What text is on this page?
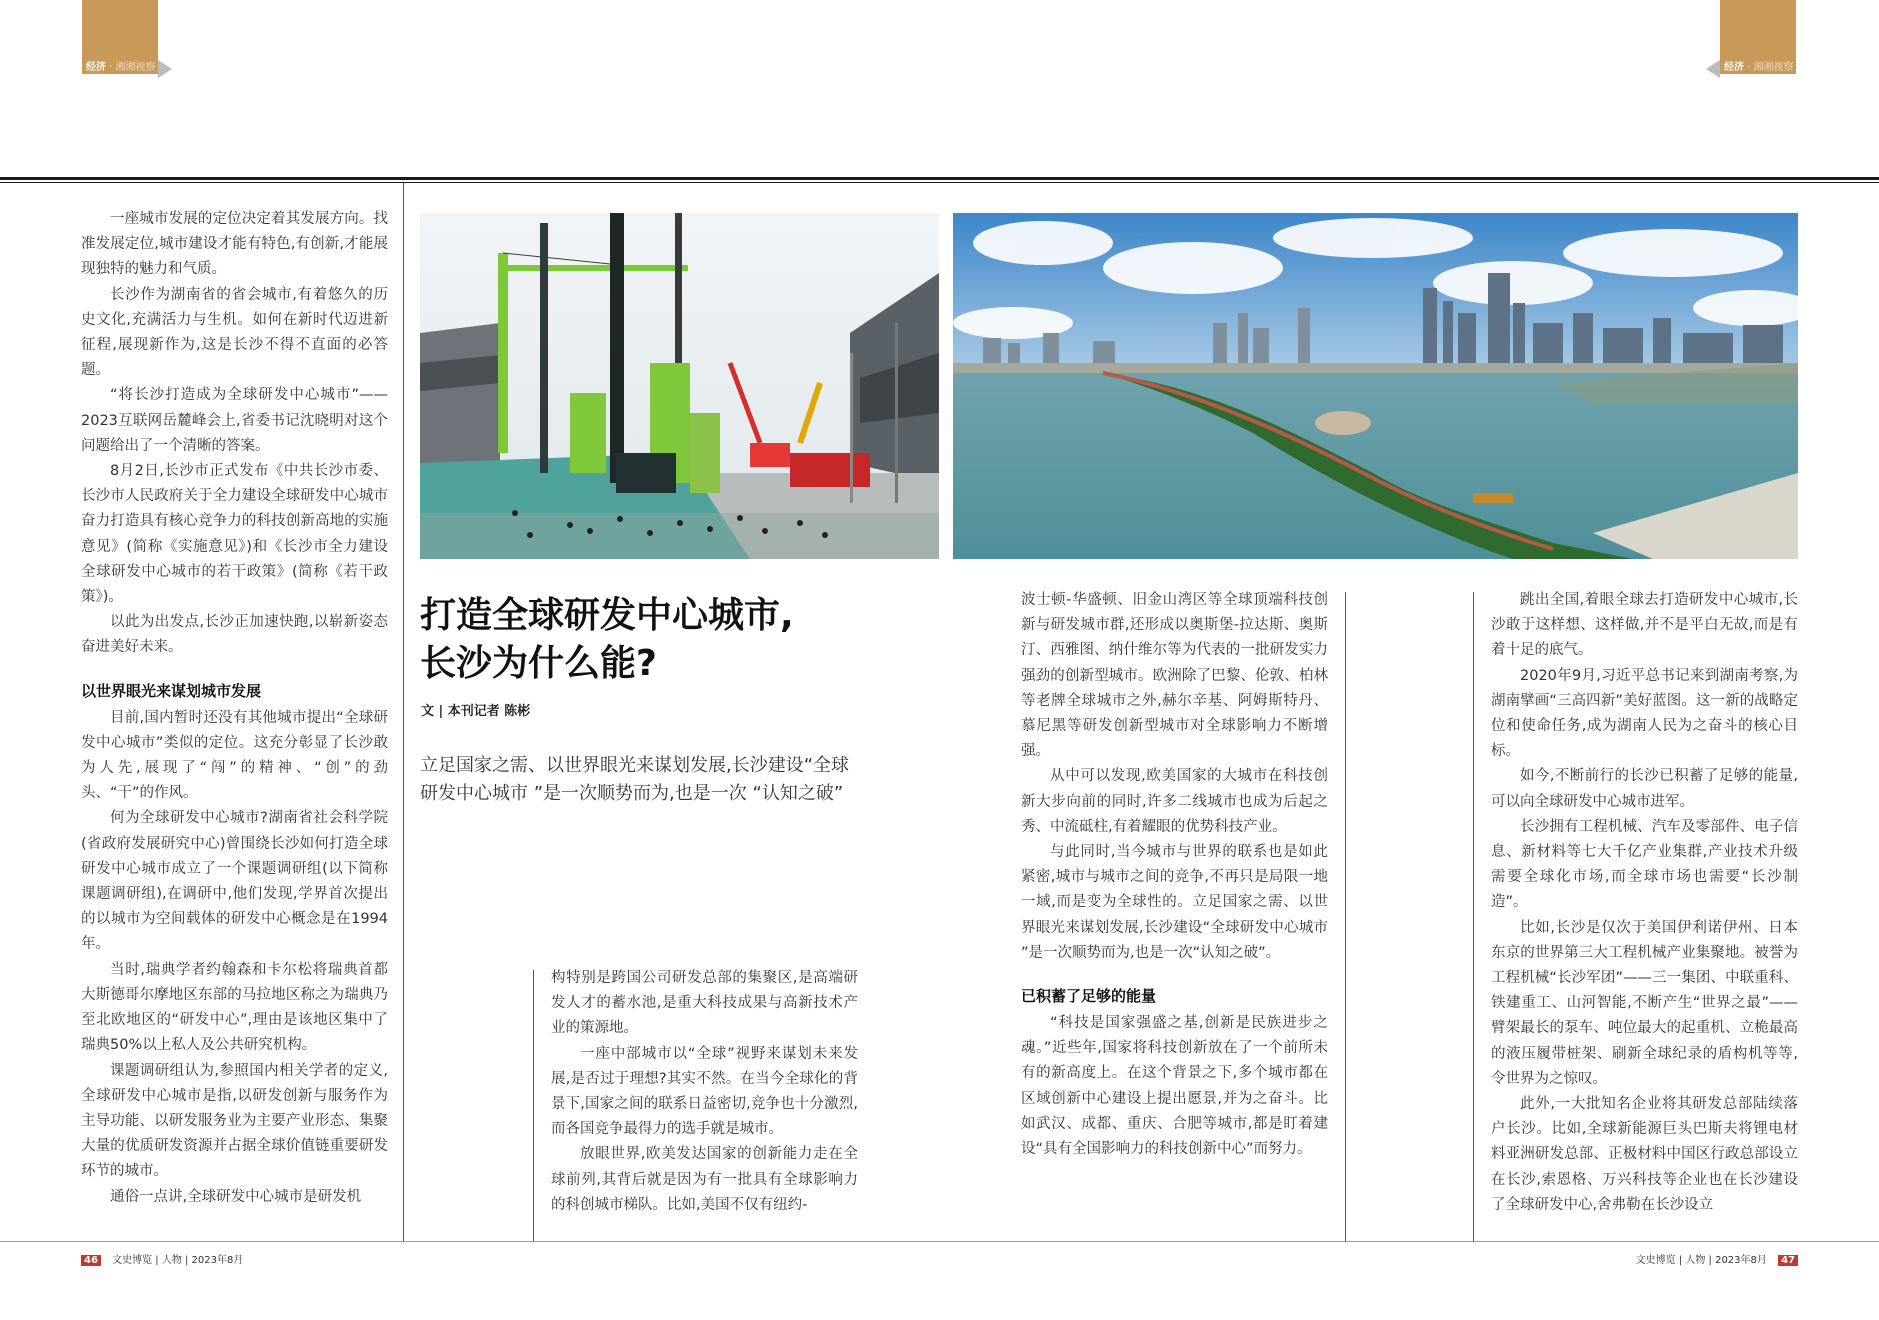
经济 · 湘湘视察	经济 · 湘湘视察
打造全球研发中心城市,
长沙为什么能?
文 | 本刊记者 陈彬
立足国家之需、以世界眼光来谋划发展,长沙建设“全球研发中心城市 ”是一次顺势而为,也是一次 “认知之破”

一座城市发展的定位决定着其发展方向。找准发展定位,城市建设才能有特色,有创新,才能展现独特的魅力和气质。

长沙作为湖南省的省会城市,有着悠久的历史文化,充满活力与生机。如何在新时代迈进新征程,展现新作为,这是长沙不得不直面的必答题。

“将长沙打造成为全球研发中心城市”——2023互联网岳麓峰会上,省委书记沈晓明对这个问题给出了一个清晰的答案。

8月2日,长沙市正式发布《中共长沙市委、长沙市人民政府关于全力建设全球研发中心城市 奋力打造具有核心竞争力的科技创新高地的实施意见》(简称《实施意见》)和《长沙市全力建设全球研发中心城市的若干政策》(简称《若干政策》)。

以此为出发点,长沙正加速快跑,以崭新姿态奋进美好未来。

以世界眼光来谋划城市发展

目前,国内暂时还没有其他城市提出“全球研发中心城市”类似的定位。这充分彰显了长沙敢为人先,展现了“闯”的精神、“创”的劲头、“干”的作风。

何为全球研发中心城市?湖南省社会科学院(省政府发展研究中心)曾围绕长沙如何打造全球研发中心城市成立了一个课题调研组(以下简称课题调研组),在调研中,他们发现,学界首次提出的以城市为空间载体的研发中心概念是在1994年。

当时,瑞典学者约翰森和卡尔松将瑞典首都大斯德哥尔摩地区东部的马拉地区称之为瑞典乃至北欧地区的“研发中心”,理由是该地区集中了瑞典50%以上私人及公共研究机构。

课题调研组认为,参照国内相关学者的定义,全球研发中心城市是指,以研发创新与服务作为主导功能、以研发服务业为主要产业形态、集聚大量的优质研发资源并占据全球价值链重要研发环节的城市。

通俗一点讲,全球研发中心城市是研发机

构特别是跨国公司研发总部的集聚区,是高端研发人才的蓄水池,是重大科技成果与高新技术产业的策源地。

一座中部城市以“全球”视野来谋划未来发展,是否过于理想?其实不然。在当今全球化的背景下,国家之间的联系日益密切,竞争也十分激烈,而各国竞争最得力的选手就是城市。

放眼世界,欧美发达国家的创新能力走在全球前列,其背后就是因为有一批具有全球影响力的科创城市梯队。比如,美国不仅有纽约-

波士顿-华盛顿、旧金山湾区等全球顶端科技创新与研发城市群,还形成以奥斯堡-拉达斯、奥斯汀、西雅图、纳什维尔等为代表的一批研发实力强劲的创新型城市。欧洲除了巴黎、伦敦、柏林等老牌全球城市之外,赫尔辛基、阿姆斯特丹、慕尼黑等研发创新型城市对全球影响力不断增强。

从中可以发现,欧美国家的大城市在科技创新大步向前的同时,许多二线城市也成为后起之秀、中流砥柱,有着耀眼的优势科技产业。

与此同时,当今城市与世界的联系也是如此紧密,城市与城市之间的竞争,不再只是局限一地一域,而是变为全球性的。立足国家之需、以世界眼光来谋划发展,长沙建设“全球研发中心城市 ”是一次顺势而为,也是一次“认知之破”。

已积蓄了足够的能量

“科技是国家强盛之基,创新是民族进步之魂。”近些年,国家将科技创新放在了一个前所未有的新高度上。在这个背景之下,多个城市都在区域创新中心建设上提出愿景,并为之奋斗。比如武汉、成都、重庆、合肥等城市,都是盯着建设“具有全国影响力的科技创新中心”而努力。

跳出全国,着眼全球去打造研发中心城市,长沙敢于这样想、这样做,并不是平白无故,而是有着十足的底气。

2020年9月,习近平总书记来到湖南考察,为湖南擘画“三高四新”美好蓝图。这一新的战略定位和使命任务,成为湖南人民为之奋斗的核心目标。

如今,不断前行的长沙已积蓄了足够的能量,可以向全球研发中心城市进军。

长沙拥有工程机械、汽车及零部件、电子信息、新材料等七大千亿产业集群,产业技术升级需要全球化市场,而全球市场也需要“长沙制造”。

比如,长沙是仅次于美国伊利诺伊州、日本东京的世界第三大工程机械产业集聚地。被誉为工程机械“长沙军团”——三一集团、中联重科、铁建重工、山河智能,不断产生“世界之最”——臂架最长的泵车、吨位最大的起重机、立桅最高的液压履带桩架、刷新全球纪录的盾构机等等,令世界为之惊叹。

此外,一大批知名企业将其研发总部陆续落户长沙。比如,全球新能源巨头巴斯夫将锂电材料亚洲研发总部、正极材料中国区行政总部设立在长沙,索恩格、万兴科技等企业也在长沙建设了全球研发中心,舍弗勒在长沙设立

46 文史博览 | 人物 | 2023年8月	文史博览 | 人物 | 2023年8月 47
